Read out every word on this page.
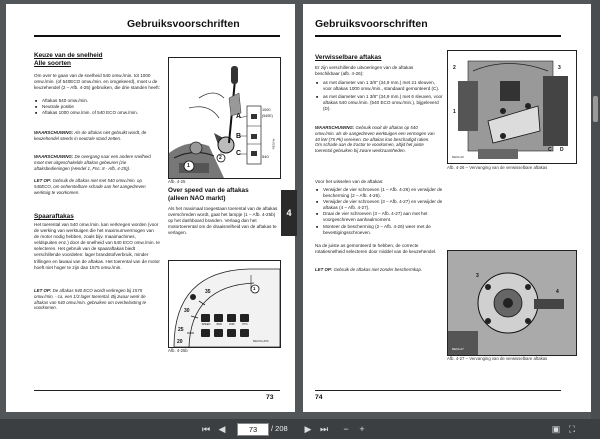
Gebruiksvoorschriften
Keuze van de snelheid
Alle soorten
Om over te gaan van de snelheid 540 omw./min. tot 1000 omw./min. (of 540ECO omw./min. en omgekeerd), moet u de keuzehendel (2 – Afb. 4-25) gebruiken, die drie standen heeft:
■ Aftakas 540 omw./min.
■ Neutrale positie
■ Aftakas 1000 omw./min. of 540 ECO omw./min.
WAARSCHUWING: Als de aftakas niet gebruikt wordt, de keuzehendel steeds in neutrale stand zetten.
WAARSCHUWING: De overgang naar een andere snelheid moet met uitgeschakelde aftakas gebeuren (zie aftaksbedieningen (Hendel 1, Fnc. 8 - Afb. 4-25)).
LET OP: Gebruik de aftakas niet met 540 omw./min. op 540ECO, om onherstelbare schade aan het aangedreven werktuig te voorkomen.
Spaaraftakas
Het toerental van 540 omw./min. kan verkregen worden (voor de werking van werktuigen die het maximumvermogen van de motor nodig hebben, zoals bijv. maaimachines, veldspuiten enz.) door de snelheid van 540 ECO omw./min. te selecteren. Het gebruik van de spaaraftakas biedt verschillende voordelen: lager brandstofverbruik, minder trillingen en lawaai van de aftakas. Het toerental van de motor hoeft niet hoger te zijn dan 1575 omw./min.
LET OP: De aftakas 540 ECO wordt verkregen bij 1575 omw./min. - ca. een 1/3 lager toerental. Bij zwaar werk de aftakas van 540 omw./min. gebruiken om overbelasting te voorkomen.
A
B
C
1000
(540E)
540
1
2
RE024e
Afb. 4-25
Over speed van de aftakas
(alleen NAO markt)
Als het maximaal toegestaan toerental van de aftakas overschreden wordt, gaat het lampje (1 – Afb. 4-25b) op het dashboard branden. Verlaag dan het motortoerental om de draaisnelheid van de aftakas te verlagen.
1
35
30
25
20
SPEED	4WD	DIFF	PTO
REX04-25b
Afb. 4-25b
73
Gebruiksvoorschriften
Verwisselbare aftakas
Er zijn verschillende uitvoeringen van de aftakas beschikbaar (afb. 4-26):
■ as met diameter van 1 3/8" (34,9 mm.) met 21 sleuven, voor aftakas 1000 omw./min., standaard gemonteerd (C).
■ as met diameter van 1 3/8" (34,9 mm.) met 6 sleuven, voor aftakas 540 omw./min. (540 ECO omw./min.), bijgeleverd (D).
WAARSCHUWING: Gebruik nooit de aftakas op 540 omw./min. als de aangedreven werktuigen een vermogen van 40 kW (75 Pk) vereisen. De aftakas kan beschadigd raken. Om schade aan de tractor te voorkomen, altijd het juiste toerental gebruiken bij zware werkzaamheden.
Voor het wisselen van de aftakas:
■ Verwijder de vier schroeven (1 – Afb. 4-26) en verwijder de bescherming (2 – Afb. 4-26).
■ Verwijder de vier schroeven (3 – Afb. 4-27) en verwijder de aftakas (4 – Afb. 4-27).
■ Draai de vier schroeven (3 – Afb. 4-27) aan met het voorgeschreven aanhaalmoment.
■ Monteer de bescherming (2 – Afb. 4-26) weer met de bevestigingsschroeven.
Na de juiste as gemonteerd te hebben, de correcte rotatiesnelheid selecteren door middel van de keuzehendel.
LET OP: Gebruik de aftakas niet zonder beschermkap.
2
1
3
C D
RE04-26
Afb. 4-26 – Vervanging van de verwisselbare aftakas
3
4
RE04-27
Afb. 4-27 – Vervanging van de verwisselbare aftakas
74
4
⏮ ◀	73	/ 208 ▶ ⏭	−	+	▣ ⛶
